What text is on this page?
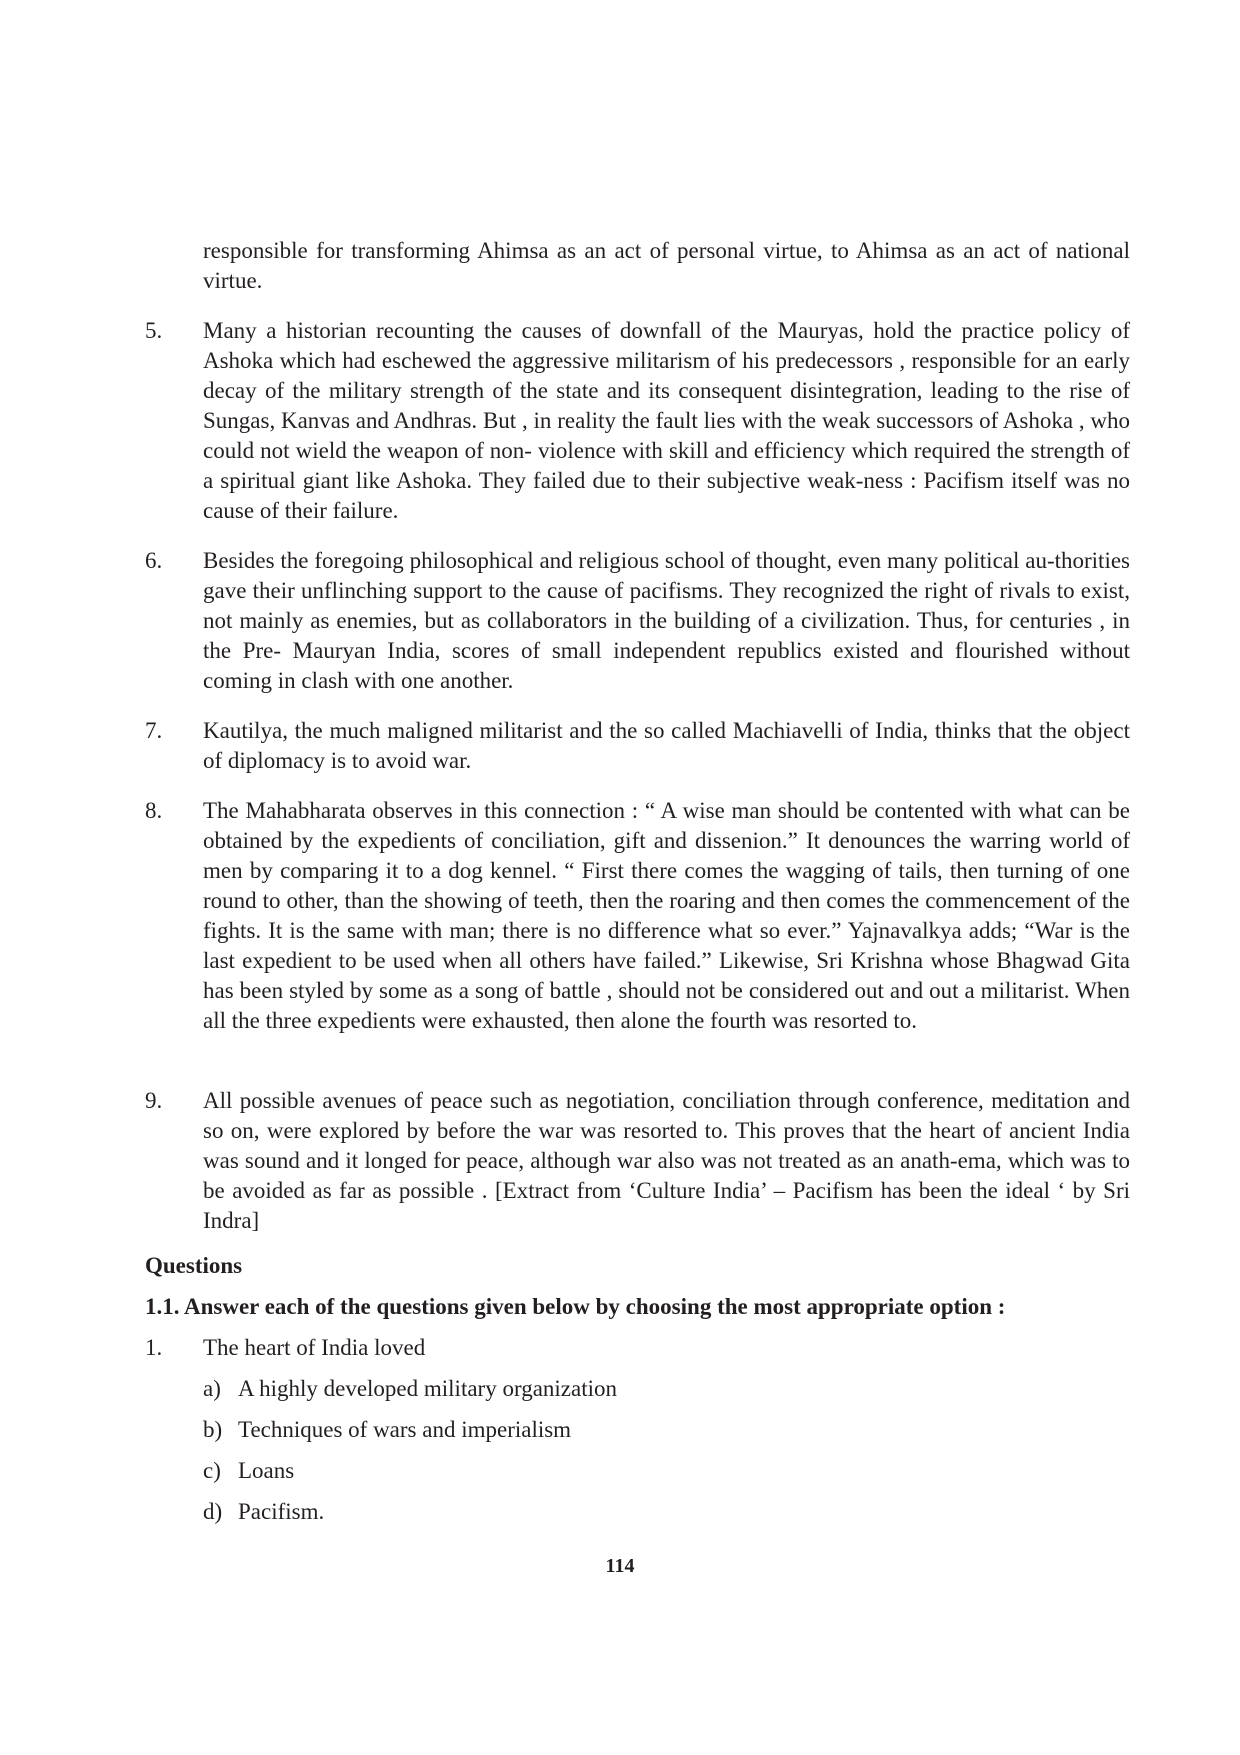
responsible for transforming Ahimsa as an act of personal virtue, to Ahimsa as an act of national virtue.
5.	Many a historian recounting the causes of downfall of the Mauryas, hold the practice policy of Ashoka which had eschewed the aggressive militarism of his predecessors , responsible for an early decay of the military strength of the state and its consequent disintegration, leading to the rise of Sungas, Kanvas and Andhras. But , in reality the fault lies with the weak successors of Ashoka , who could not wield the weapon of non- violence with skill and efficiency which required the strength of a spiritual giant like Ashoka. They failed due to their subjective weak-ness : Pacifism itself was no cause of their failure.
6.	Besides the foregoing philosophical and religious school of thought, even many political au-thorities gave their unflinching support to the cause of pacifisms. They recognized the right of rivals to exist, not mainly as enemies, but as collaborators in the building of a civilization. Thus, for centuries , in the Pre- Mauryan India, scores of small independent republics existed and flourished without coming in clash with one another.
7.	Kautilya, the much maligned militarist and the so called Machiavelli of India, thinks that the object of diplomacy is to avoid war.
8.	The Mahabharata observes in this connection : “ A wise man should be contented with what can be obtained by the expedients of conciliation, gift and dissenion.” It denounces the warring world of men by comparing it to a dog kennel. “ First there comes the wagging of tails, then turning of one round to other, than the showing of teeth, then the roaring and then comes the commencement of the fights. It is the same with man; there is no difference what so ever.” Yajnavalkya adds; “War is the last expedient to be used when all others have failed.” Likewise, Sri Krishna whose Bhagwad Gita has been styled by some as a song of battle , should not be considered out and out a militarist. When all the three expedients were exhausted, then alone the fourth was resorted to.
9.	All possible avenues of peace such as negotiation, conciliation through conference, meditation and so on, were explored by before the war was resorted to. This proves that the heart of ancient India was sound and it longed for peace, although war also was not treated as an anath-ema, which was to be avoided as far as possible . [Extract from ‘Culture India’ – Pacifism has been the ideal ‘ by Sri Indra]
Questions
1.1. Answer each of the questions given below by choosing the most appropriate option :
1.	The heart of India loved
a) A highly developed military organization
b) Techniques of wars and imperialism
c) Loans
d) Pacifism.
114
